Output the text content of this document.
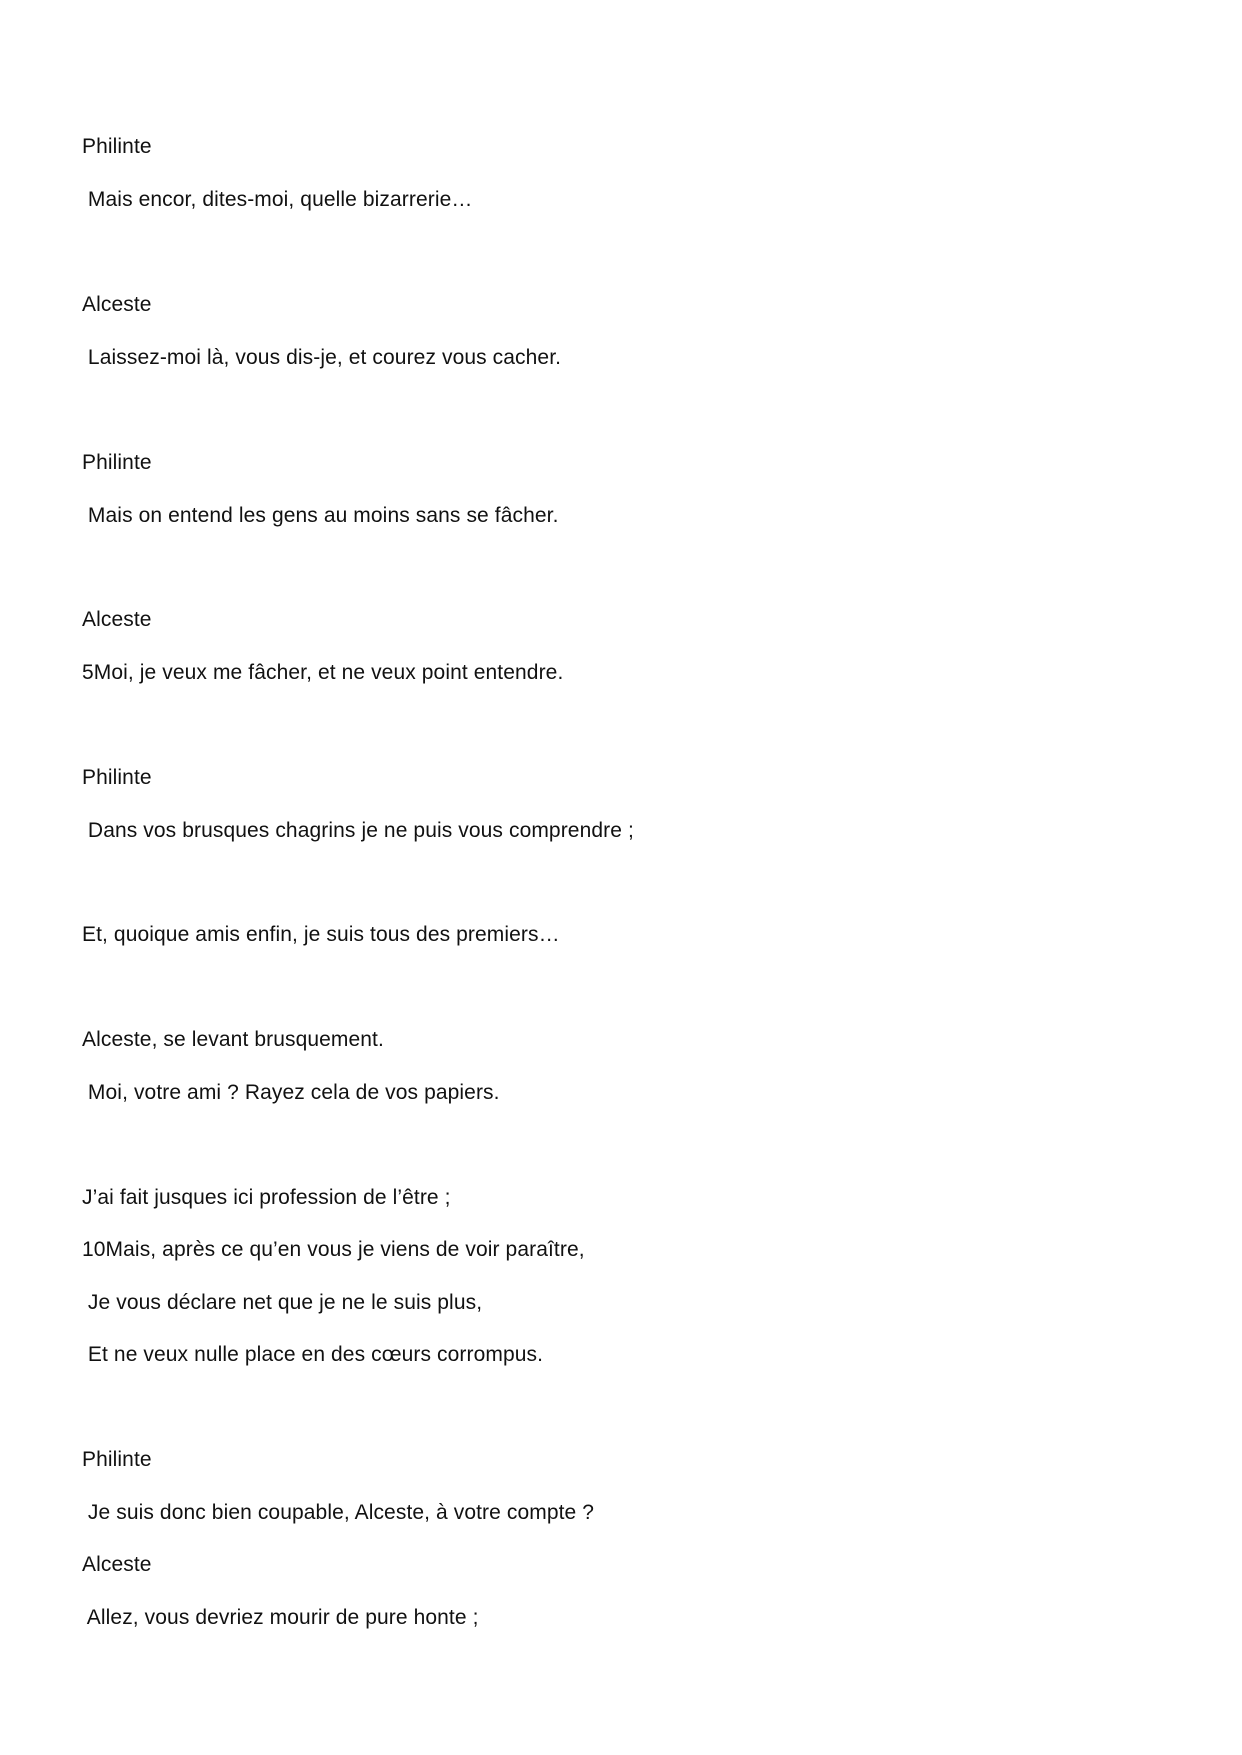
Philinte
Mais encor, dites-moi, quelle bizarrerie…
Alceste
Laissez-moi là, vous dis-je, et courez vous cacher.
Philinte
Mais on entend les gens au moins sans se fâcher.
Alceste
5Moi, je veux me fâcher, et ne veux point entendre.
Philinte
Dans vos brusques chagrins je ne puis vous comprendre ;
Et, quoique amis enfin, je suis tous des premiers…
Alceste, se levant brusquement.
Moi, votre ami ? Rayez cela de vos papiers.
J’ai fait jusques ici profession de l’être ;
10Mais, après ce qu’en vous je viens de voir paraître,
Je vous déclare net que je ne le suis plus,
Et ne veux nulle place en des cœurs corrompus.
Philinte
Je suis donc bien coupable, Alceste, à votre compte ?
Alceste
Allez, vous devriez mourir de pure honte ;
